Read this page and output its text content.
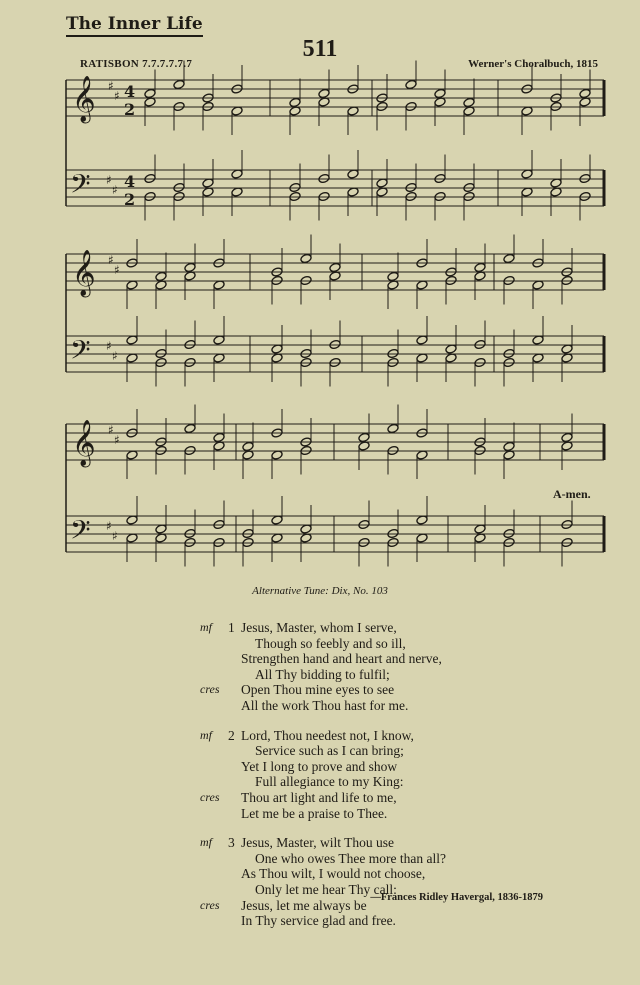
The Inner Life
511
RATISBON 7.7.7.7.7.7	Werner's Choralbuch, 1815
𝄞
𝄢
♯
♯
♯
♯
4
2
4
2
𝄞
𝄢
♯
♯
♯
♯
𝄞
𝄢
♯
♯
♯
♯
A-men.
Alternative Tune: Dix, No. 103
mf 1 Jesus, Master, whom I serve,
Though so feebly and so ill,
Strengthen hand and heart and nerve,
All Thy bidding to fulfil;
cres Open Thou mine eyes to see
All the work Thou hast for me.
mf 2 Lord, Thou needest not, I know,
Service such as I can bring;
Yet I long to prove and show
Full allegiance to my King:
cres Thou art light and life to me,
Let me be a praise to Thee.
mf 3 Jesus, Master, wilt Thou use
One who owes Thee more than all?
As Thou wilt, I would not choose,
Only let me hear Thy call:
cres Jesus, let me always be
In Thy service glad and free.
—Frances Ridley Havergal, 1836-1879
